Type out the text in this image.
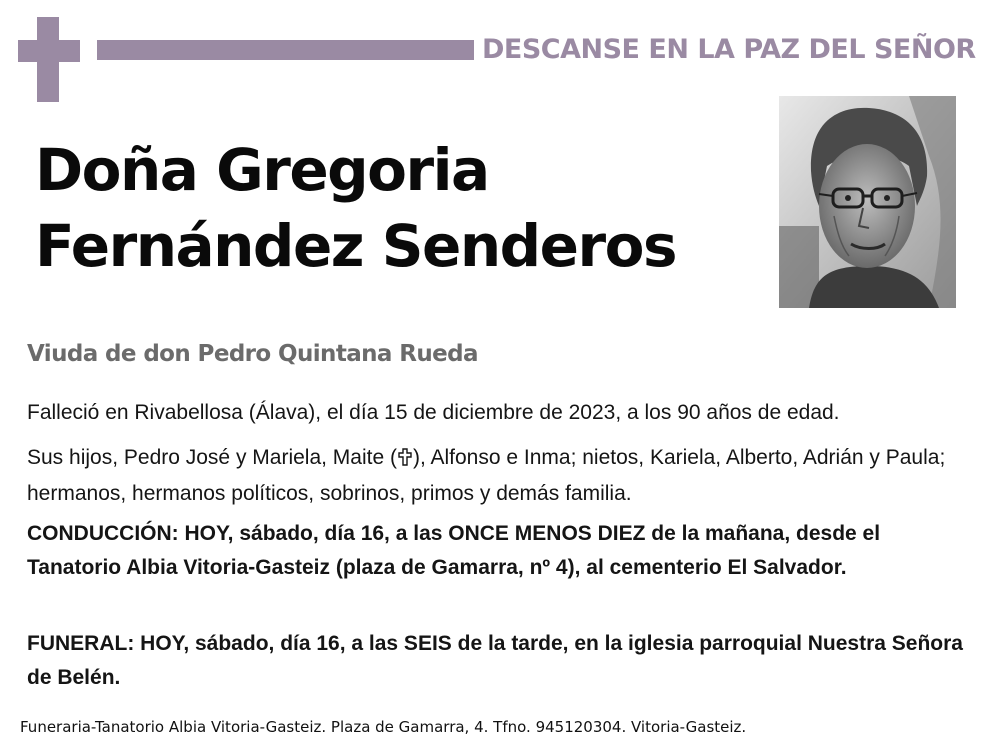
DESCANSE EN LA PAZ DEL SEÑOR
Doña Gregoria
Fernández Senderos
Viuda de don Pedro Quintana Rueda
Falleció en Rivabellosa (Álava), el día 15 de diciembre de 2023, a los 90 años de edad.
Sus hijos, Pedro José y Mariela, Maite ( ), Alfonso e Inma; nietos, Kariela, Alberto, Adrián y Paula; hermanos, hermanos políticos, sobrinos, primos y demás familia.
CONDUCCIÓN: HOY, sábado, día 16, a las ONCE MENOS DIEZ de la mañana, desde el Tanatorio Albia Vitoria-Gasteiz (plaza de Gamarra, nº 4), al cementerio El Salvador.
FUNERAL: HOY, sábado, día 16, a las SEIS de la tarde, en la iglesia parroquial Nuestra Señora de Belén.
Funeraria-Tanatorio Albia Vitoria-Gasteiz. Plaza de Gamarra, 4. Tfno. 945120304. Vitoria-Gasteiz.
